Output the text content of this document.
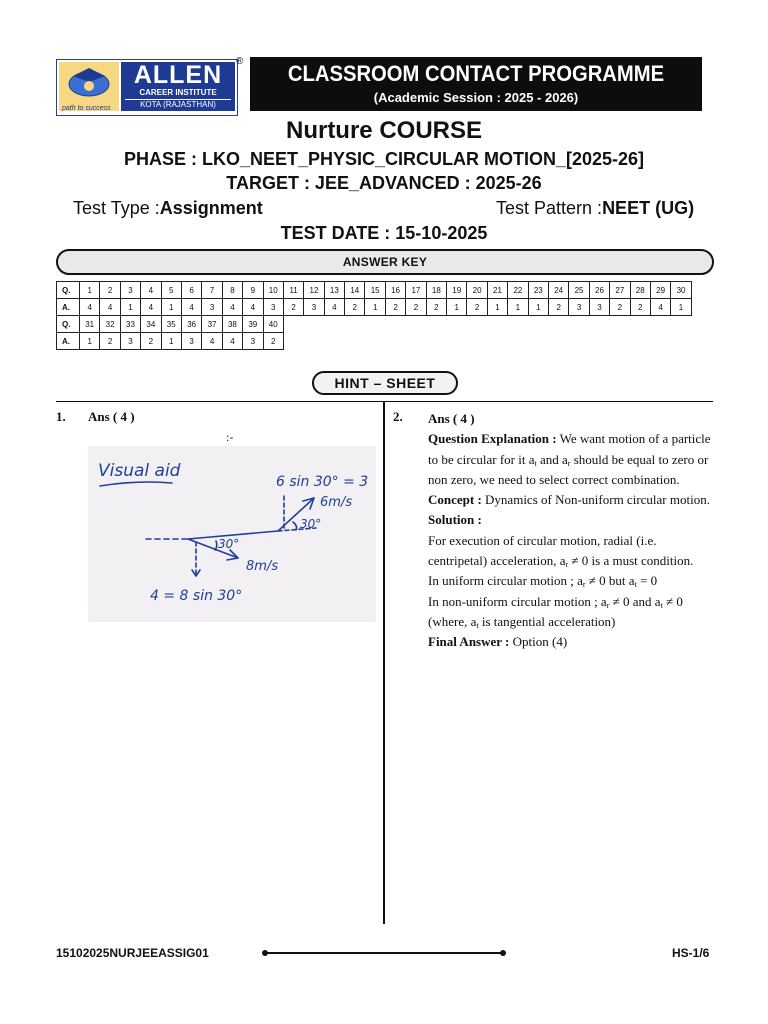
ALLEN
CAREER INSTITUTE
KOTA (RAJASTHAN)
path to success
®	CLASSROOM CONTACT PROGRAMME
(Academic Session : 2025 - 2026)
Nurture COURSE
PHASE : LKO_NEET_PHYSIC_CIRCULAR MOTION_[2025-26]
TARGET : JEE_ADVANCED : 2025-26
Test Type :Assignment	Test Pattern :NEET (UG)
TEST DATE : 15-10-2025
ANSWER KEY
Q.	1	2	3	4	5	6	7	8	9	10	11	12	13	14	15	16	17	18	19	20	21	22	23	24	25	26	27	28	29	30
A.	4	4	1	4	1	4	3	4	4	3	2	3	4	2	1	2	2	2	1	2	1	1	1	2	3	3	2	2	4	1
Q.	31	32	33	34	35	36	37	38	39	40
A.	1	2	3	2	1	3	4	4	3	2
HINT – SHEET
1. Ans ( 4 )
:-
Visual aid
6 sin 30° = 3
6m/s
30°
30°
8m/s
4 = 8 sin 30°
2. Ans ( 4 )

Question Explanation : We want motion of a particle to be circular for it $a_t$ and $a_r$ should be equal to zero or non zero, we need to select correct combination.

Concept : Dynamics of Non-uniform circular motion.

Solution :

For execution of circular motion, radial (i.e. centripetal) acceleration, $a_r \ne 0$ is a must condition.

In uniform circular motion ; $a_r \ne 0$ but $a_t = 0$

In non-uniform circular motion ; $a_r \ne 0$ and $a_t \ne 0$

(where, $a_t$ is tangential acceleration)

Final Answer : Option (4)

15102025NURJEEASSIG01	HS-1/6
